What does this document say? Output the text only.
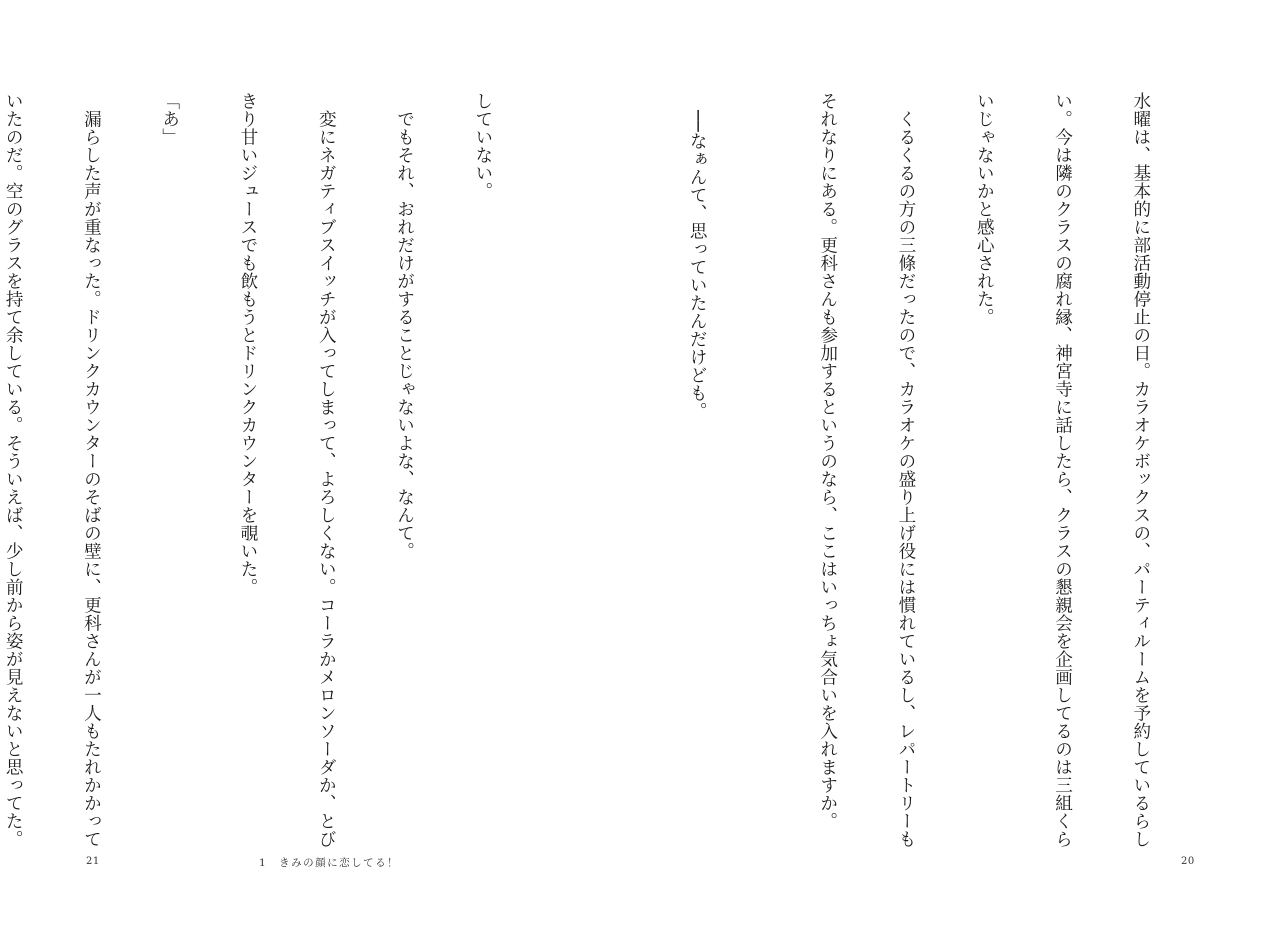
水曜は、基本的に部活動停止の日。カラオケボックスの、パーティルームを予約しているらし

い。今は隣のクラスの腐れ縁、神宮寺に話したら、クラスの懇親会を企画してるのは三組くら

いじゃないかと感心された。

　くるくるの方の三條だったので、カラオケの盛り上げ役には慣れているし、レパートリーも

それなりにある。更科さんも参加するというのなら、ここはいっちょ気合いを入れますか。

　──なぁんて、思っていたんだけども。

20

していない。

　でもそれ、おれだけがすることじゃないよな、なんて。

　変にネガティブスイッチが入ってしまって、よろしくない。コーラかメロンソーダか、とび

きり甘いジュースでも飲もうとドリンクカウンターを覗いた。

「あ」

　漏らした声が重なった。ドリンクカウンターのそばの壁に、更科さんが一人もたれかかって

いたのだ。空のグラスを持て余している。そういえば、少し前から姿が見えないと思ってた。

21	1　きみの顔に恋してる！
